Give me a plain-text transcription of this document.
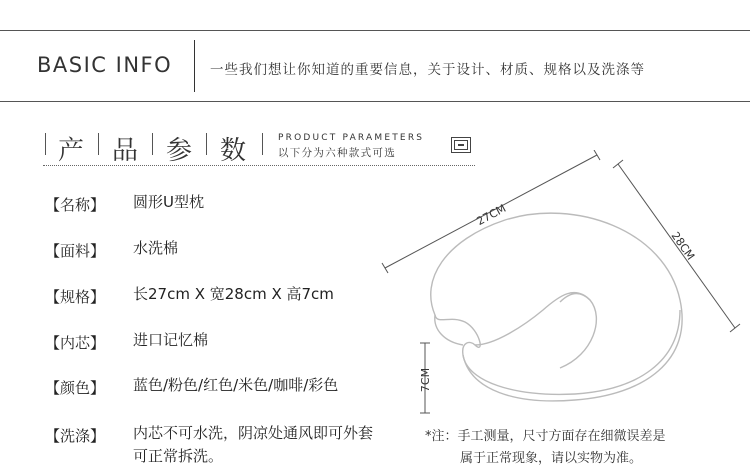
BASIC INFO	一些我们想让你知道的重要信息，关于设计、材质、规格以及洗涤等
产 品 参 数	PRODUCT PARAMETERS
以下分为六种款式可选
【名称】 圆形U型枕
【面料】 水洗棉
【规格】 长27cm X 宽28cm X 高7cm
【内芯】 进口记忆棉
【颜色】 蓝色/粉色/红色/米色/咖啡/彩色
【洗涤】 内芯不可水洗，阴凉处通风即可外套可正常拆洗。
27CM
28CM
7CM
*注：手工测量，尺寸方面存在细微误差是
属于正常现象，请以实物为准。
